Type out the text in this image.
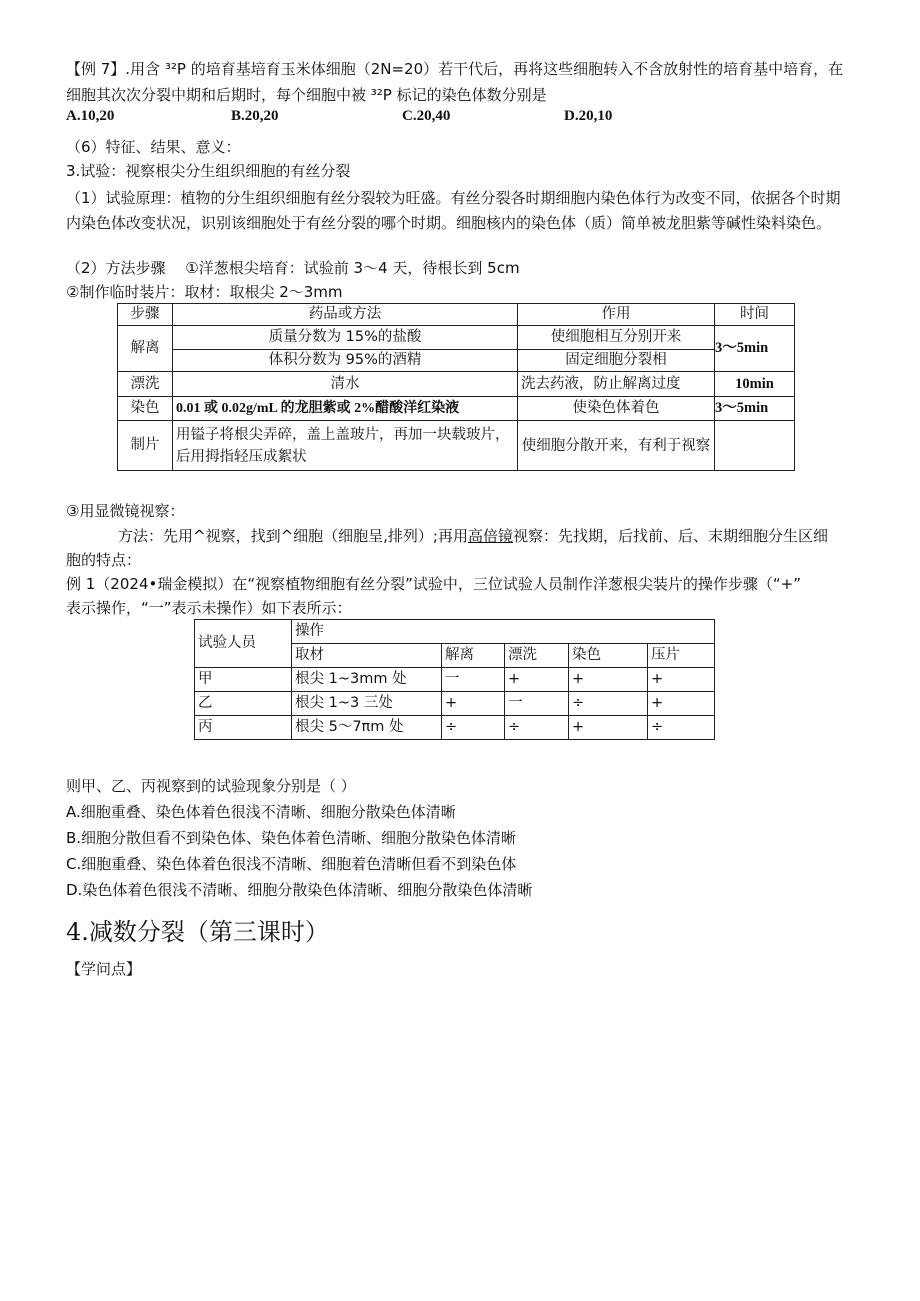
【例 7】.用含 ³²P 的培育基培育玉米体细胞（2N=20）若干代后，再将这些细胞转入不含放射性的培育基中培育，在
细胞其次次分裂中期和后期时，每个细胞中被 ³²P 标记的染色体数分别是
A.10,20	B.20,20	C.20,40	D.20,10
（6）特征、结果、意义：
3.试验：视察根尖分生组织细胞的有丝分裂
（1）试验原理：植物的分生组织细胞有丝分裂较为旺盛。有丝分裂各时期细胞内染色体行为改变不同，依据各个时期内染色体改变状况，识别该细胞处于有丝分裂的哪个时期。细胞核内的染色体（质）简单被龙胆紫等碱性染料染色。
（2）方法步骤　 ①洋葱根尖培育：试验前 3～4 天，待根长到 5cm
②制作临时装片：取材：取根尖 2～3mm
步骤	药品或方法	作用	时间
解离	质量分数为 15%的盐酸	使细胞相互分别开来	3～5min
	体积分数为 95%的酒精	固定细胞分裂相	
漂洗	清水	洗去药液，防止解离过度	10min
染色	0.01 或 0.02g/mL 的龙胆紫或 2%醋酸洋红染液	使染色体着色	3～5min
制片	用镒子将根尖弄碎，盖上盖玻片，再加一块载玻片，后用拇指轻压成絮状	使细胞分散开来，有利于视察	
③用显微镜视察：
方法：先用^视察，找到^细胞（细胞呈,排列）;再用高倍镜视察：先找期，后找前、后、末期细胞分生区细
胞的特点：
例 1（2024•瑞金模拟）在“视察植物细胞有丝分裂”试验中，三位试验人员制作洋葱根尖装片的操作步骤（“+”
表示操作，“一”表示未操作）如下表所示：
试验人员	操作				
	取材	解离	漂洗	染色	压片
甲	根尖 1~3mm 处	一	+	+	+
乙	根尖 1~3 三处	+	一	÷	+
丙	根尖 5〜7πm 处	÷	÷	+	÷
则甲、乙、丙视察到的试验现象分别是（ ）
A.细胞重叠、染色体着色很浅不清晰、细胞分散染色体清晰
B.细胞分散但看不到染色体、染色体着色清晰、细胞分散染色体清晰
C.细胞重叠、染色体着色很浅不清晰、细胞着色清晰但看不到染色体
D.染色体着色很浅不清晰、细胞分散染色体清晰、细胞分散染色体清晰
4.减数分裂（第三课时）
【学问点】
